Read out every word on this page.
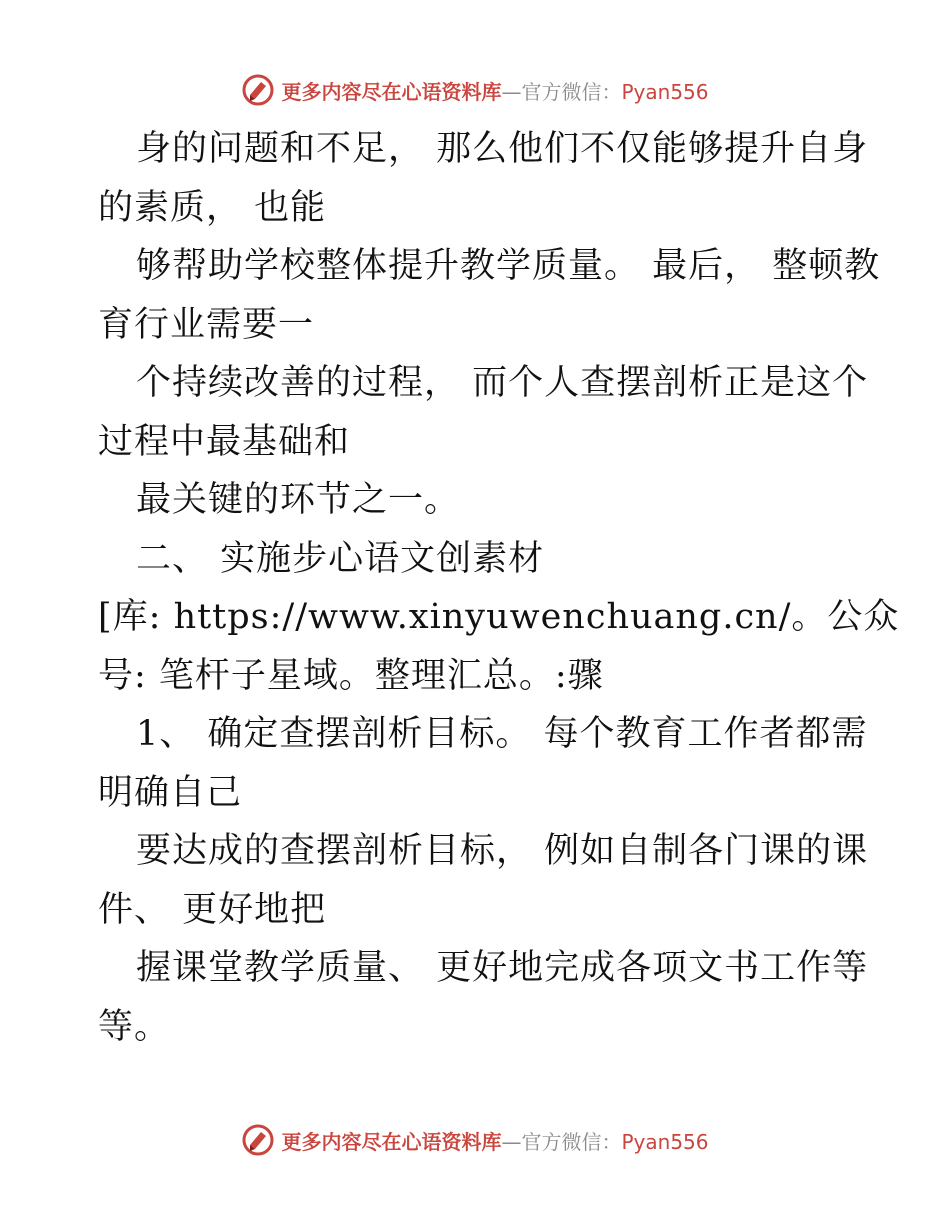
更多内容尽在心语资料库—官方微信：Pyan556
身的问题和不足， 那么他们不仅能够提升自身
的素质， 也能
够帮助学校整体提升教学质量。 最后， 整顿教
育行业需要一
个持续改善的过程， 而个人查摆剖析正是这个
过程中最基础和
最关键的环节之一。
二、 实施步心语文创素材
[库: https://www.xinyuwenchuang.cn/。公众
号: 笔杆子星域。整理汇总。:骤
1、 确定查摆剖析目标。 每个教育工作者都需
明确自己
要达成的查摆剖析目标， 例如自制各门课的课
件、 更好地把
握课堂教学质量、 更好地完成各项文书工作等
等。
更多内容尽在心语资料库—官方微信：Pyan556
